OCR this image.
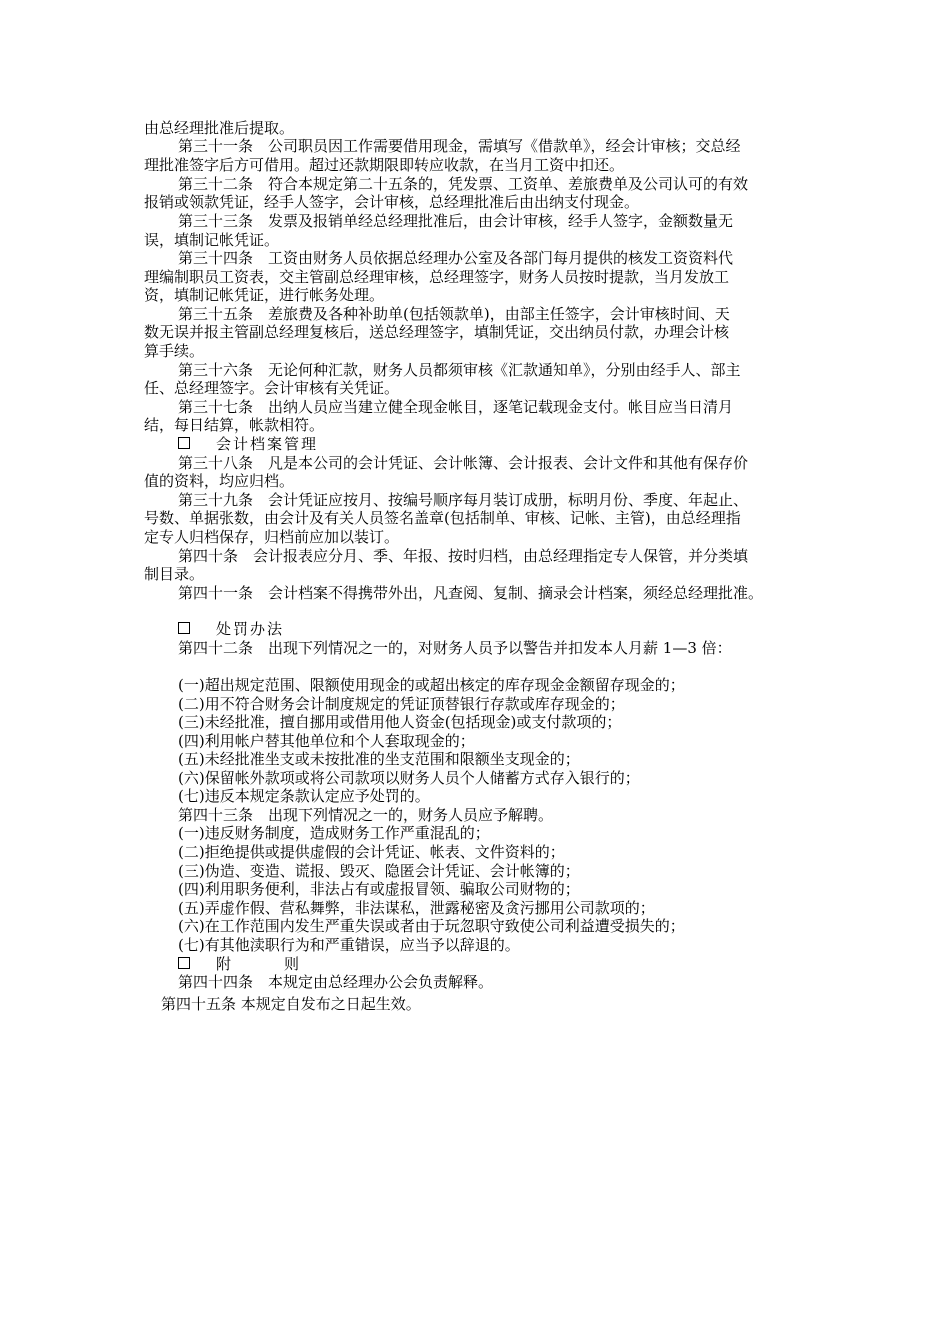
由总经理批准后提取。
第三十一条　公司职员因工作需要借用现金，需填写《借款单》，经会计审核；交总经
理批准签字后方可借用。超过还款期限即转应收款，在当月工资中扣还。
第三十二条　符合本规定第二十五条的，凭发票、工资单、差旅费单及公司认可的有效
报销或领款凭证，经手人签字，会计审核，总经理批准后由出纳支付现金。
第三十三条　发票及报销单经总经理批准后，由会计审核，经手人签字，金额数量无
误，填制记帐凭证。
第三十四条　工资由财务人员依据总经理办公室及各部门每月提供的核发工资资料代
理编制职员工资表，交主管副总经理审核，总经理签字，财务人员按时提款，当月发放工
资，填制记帐凭证，进行帐务处理。
第三十五条　差旅费及各种补助单(包括领款单)，由部主任签字，会计审核时间、天
数无误并报主管副总经理复核后，送总经理签字，填制凭证，交出纳员付款，办理会计核
算手续。
第三十六条　无论何种汇款，财务人员都须审核《汇款通知单》，分别由经手人、部主
任、总经理签字。会计审核有关凭证。
第三十七条　出纳人员应当建立健全现金帐目，逐笔记载现金支付。帐目应当日清月
结，每日结算，帐款相符。
会计档案管理
第三十八条　凡是本公司的会计凭证、会计帐簿、会计报表、会计文件和其他有保存价
值的资料，均应归档。
第三十九条　会计凭证应按月、按编号顺序每月装订成册，标明月份、季度、年起止、
号数、单据张数，由会计及有关人员签名盖章(包括制单、审核、记帐、主管)，由总经理指
定专人归档保存，归档前应加以装订。
第四十条　会计报表应分月、季、年报、按时归档，由总经理指定专人保管，并分类填
制目录。
第四十一条　会计档案不得携带外出，凡查阅、复制、摘录会计档案，须经总经理批准。
处罚办法
第四十二条　出现下列情况之一的，对财务人员予以警告并扣发本人月薪 1—3 倍：
(一)超出规定范围、限额使用现金的或超出核定的库存现金金额留存现金的；
(二)用不符合财务会计制度规定的凭证顶替银行存款或库存现金的；
(三)未经批准，擅自挪用或借用他人资金(包括现金)或支付款项的；
(四)利用帐户替其他单位和个人套取现金的；
(五)未经批准坐支或未按批准的坐支范围和限额坐支现金的；
(六)保留帐外款项或将公司款项以财务人员个人储蓄方式存入银行的；
(七)违反本规定条款认定应予处罚的。
第四十三条　出现下列情况之一的，财务人员应予解聘。
(一)违反财务制度，造成财务工作严重混乱的；
(二)拒绝提供或提供虚假的会计凭证、帐表、文件资料的；
(三)伪造、变造、谎报、毁灭、隐匿会计凭证、会计帐簿的；
(四)利用职务便利，非法占有或虚报冒领、骗取公司财物的；
(五)弄虚作假、营私舞弊，非法谋私，泄露秘密及贪污挪用公司款项的；
(六)在工作范围内发生严重失误或者由于玩忽职守致使公司利益遭受损失的；
(七)有其他渎职行为和严重错误，应当予以辞退的。
附　　　则
第四十四条　本规定由总经理办公会负责解释。
第四十五条 本规定自发布之日起生效。
